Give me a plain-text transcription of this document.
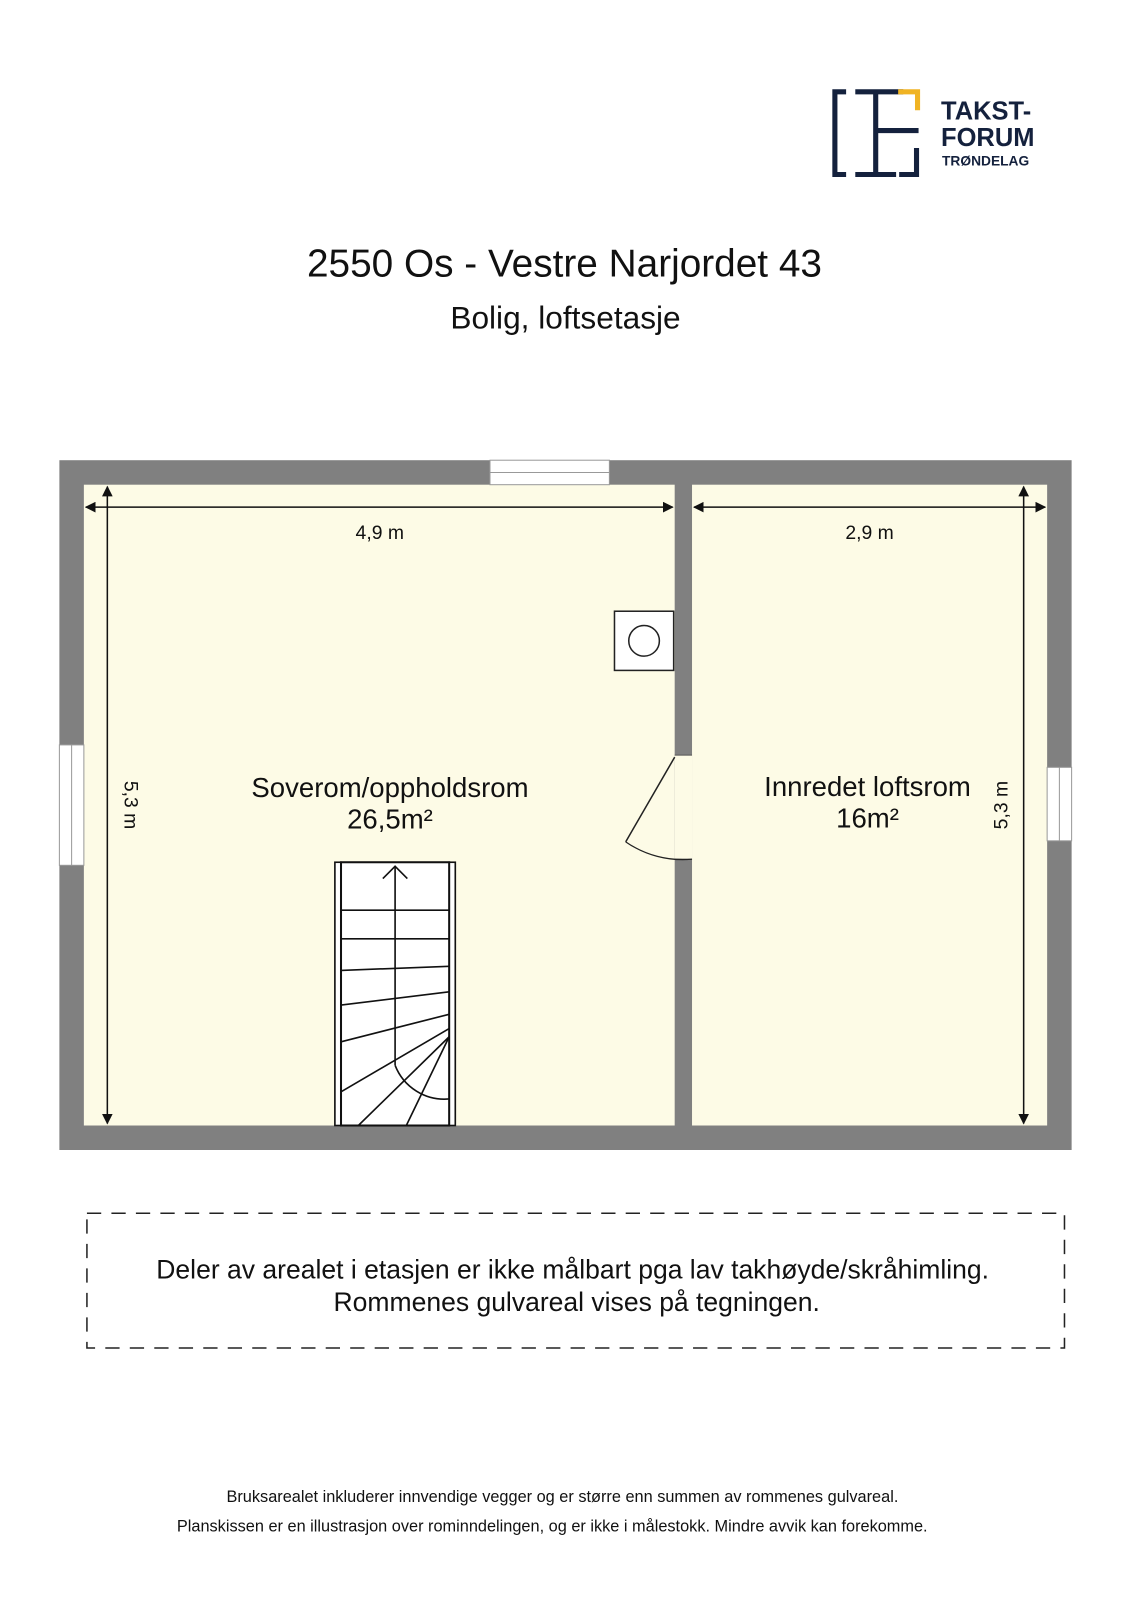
TAKST-
FORUM
TRØNDELAG
2550 Os - Vestre Narjordet 43
Bolig, loftsetasje
4,9 m	2,9 m
5,3 m	5,3 m
Soverom/oppholdsrom
26,5m²
Innredet loftsrom
16m²
Deler av arealet i etasjen er ikke målbart pga lav takhøyde/skråhimling.
Rommenes gulvareal vises på tegningen.
Bruksarealet inkluderer innvendige vegger og er større enn summen av rommenes gulvareal.
Planskissen er en illustrasjon over rominndelingen, og er ikke i målestokk. Mindre avvik kan forekomme.
